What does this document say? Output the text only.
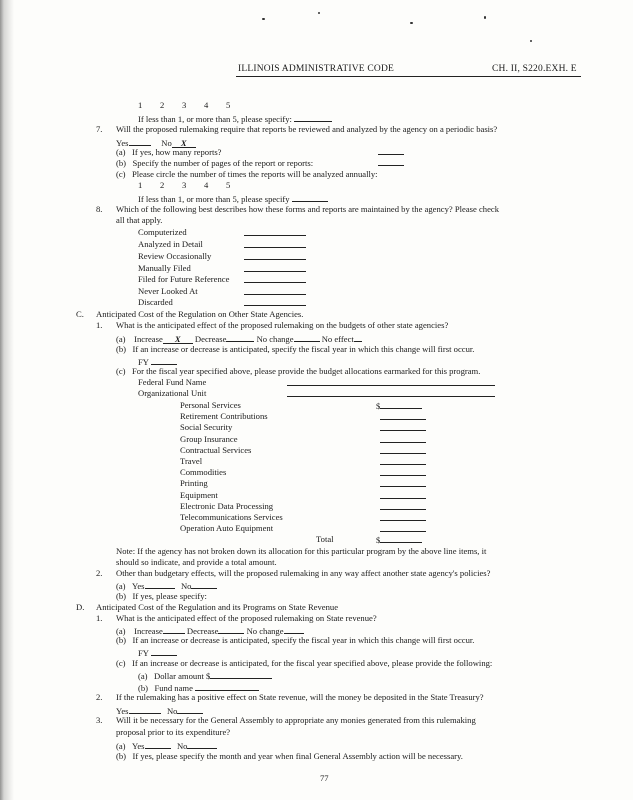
ILLINOIS ADMINISTRATIVE CODE	CH. II, S220.EXH. E
1 2 3 4 5
If less than 1, or more than 5, please specify:
7. Will the proposed rulemaking require that reports be reviewed and analyzed by the agency on a periodic basis?
Yes	No X
(a) If yes, how many reports?
(b) Specify the number of pages of the report or reports:
(c) Please circle the number of times the reports will be analyzed annually:
1 2 3 4 5
If less than 1, or more than 5, please specify
8. Which of the following best describes how these forms and reports are maintained by the agency? Please check
all that apply.
Computerized
Analyzed in Detail
Review Occasionally
Manually Filed
Filed for Future Reference
Never Looked At
Discarded
C. Anticipated Cost of the Regulation on Other State Agencies.
1. What is the anticipated effect of the proposed rulemaking on the budgets of other state agencies?
(a) Increase X Decrease	No change	No effect
(b) If an increase or decrease is anticipated, specify the fiscal year in which this change will first occur.
FY
(c) For the fiscal year specified above, please provide the budget allocations earmarked for this program.
Federal Fund Name
Organizational Unit
Personal Services	$
Retirement Contributions
Social Security
Group Insurance
Contractual Services
Travel
Commodities
Printing
Equipment
Electronic Data Processing
Telecommunications Services
Operation Auto Equipment
Total	$
Note: If the agency has not broken down its allocation for this particular program by the above line items, it
should so indicate, and provide a total amount.
2. Other than budgetary effects, will the proposed rulemaking in any way affect another state agency's policies?
(a) Yes	No
(b) If yes, please specify:
D. Anticipated Cost of the Regulation and its Programs on State Revenue
1. What is the anticipated effect of the proposed rulemaking on State revenue?
(a) Increase	Decrease	No change
(b) If an increase or decrease is anticipated, specify the fiscal year in which this change will first occur.
FY
(c) If an increase or decrease is anticipated, for the fiscal year specified above, please provide the following:
(a) Dollar amount $
(b) Fund name
2. If the rulemaking has a positive effect on State revenue, will the money be deposited in the State Treasury?
Yes	No
3. Will it be necessary for the General Assembly to appropriate any monies generated from this rulemaking
proposal prior to its expenditure?
(a) Yes	No
(b) If yes, please specify the month and year when final General Assembly action will be necessary.
77
